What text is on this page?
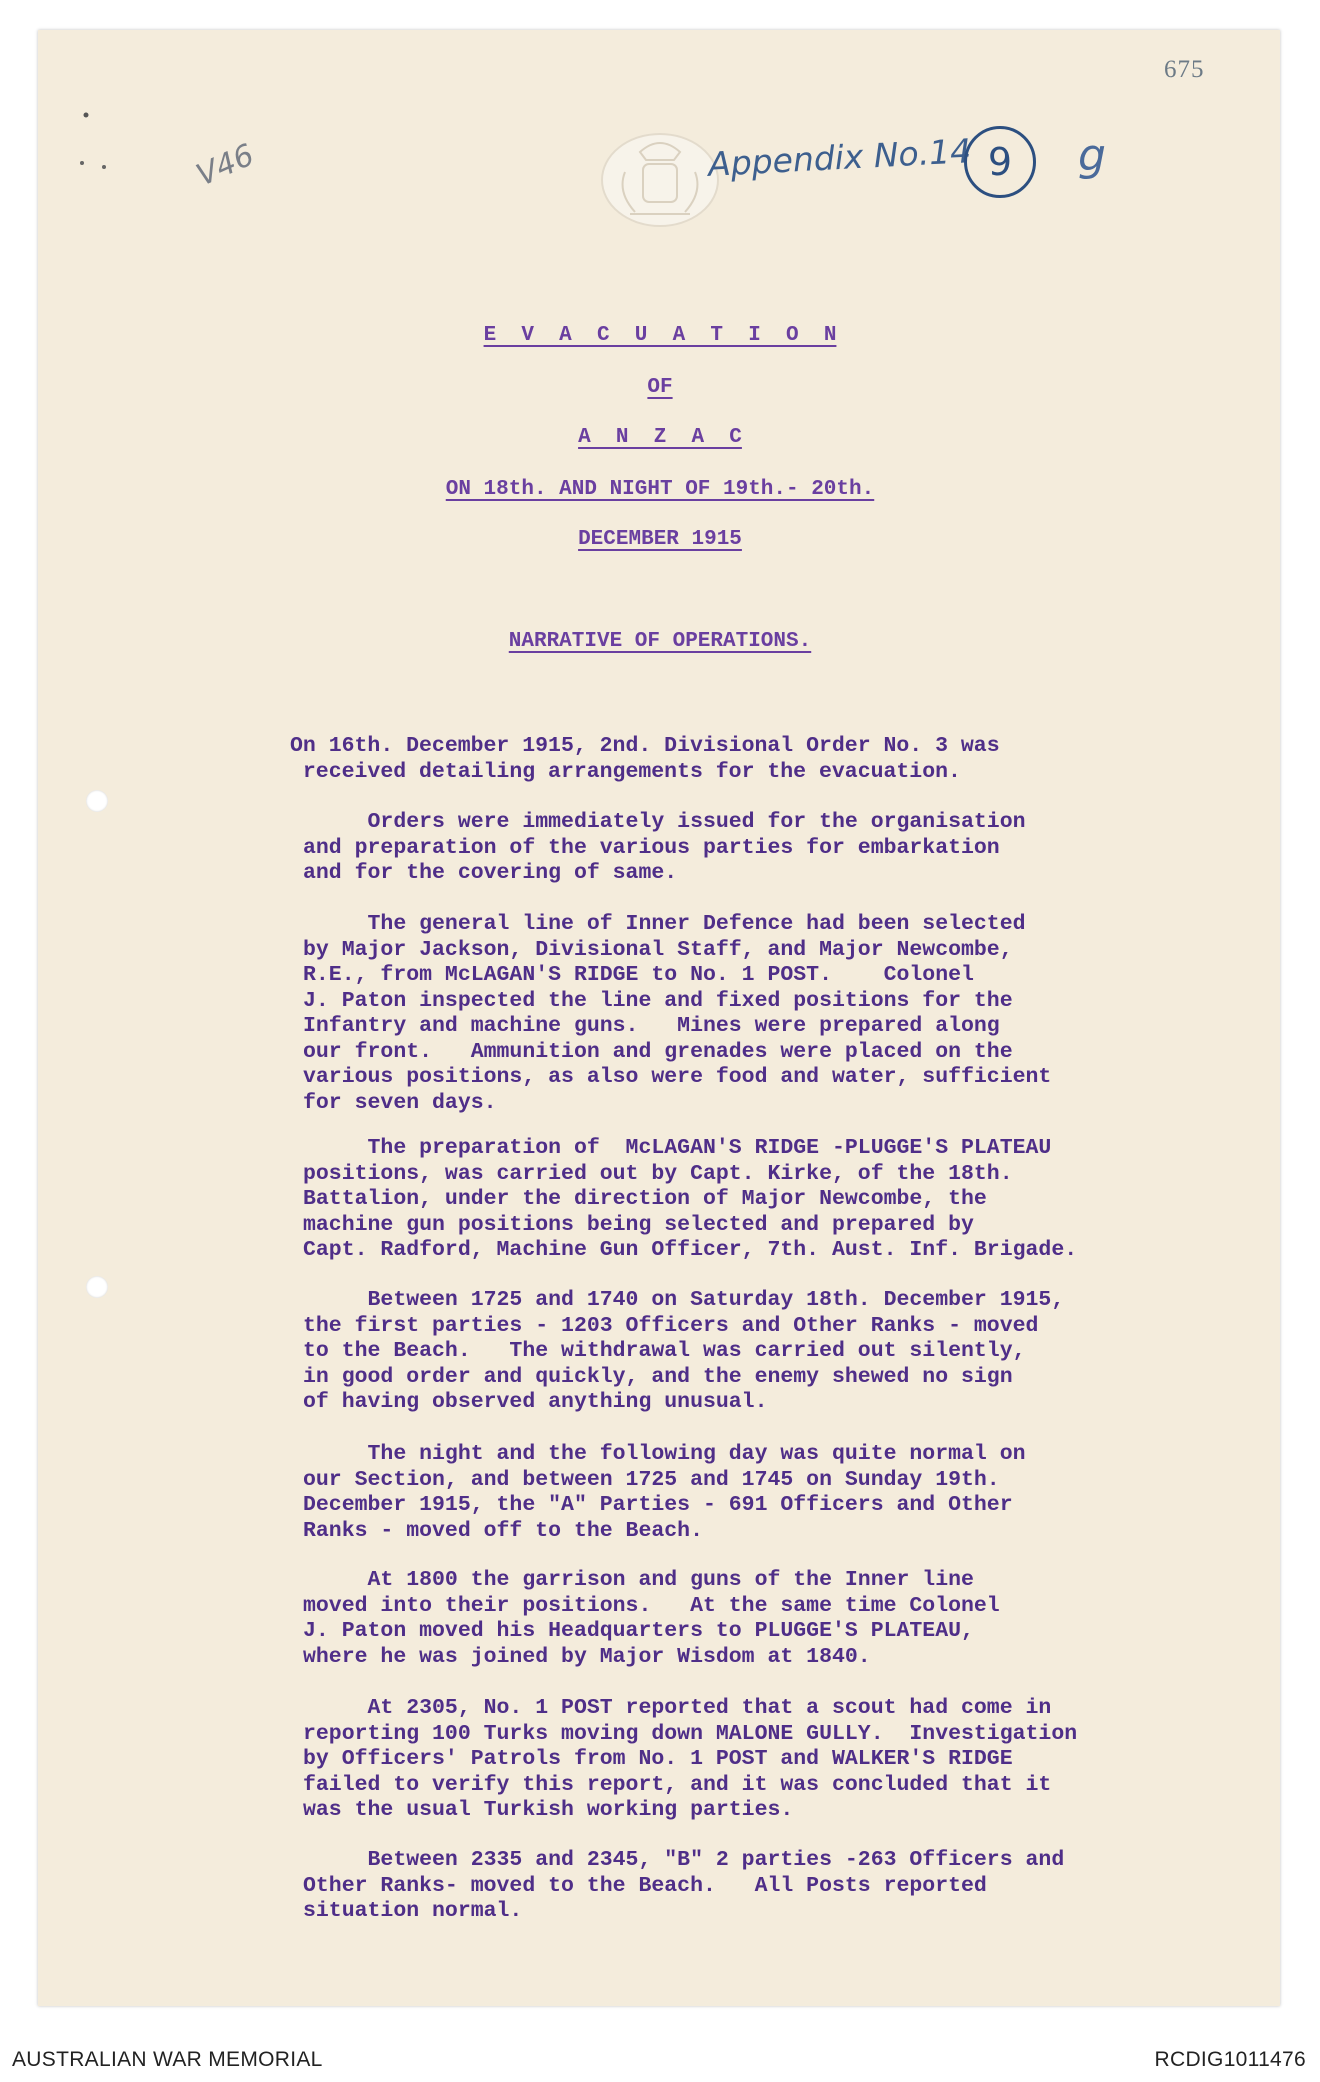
675
V46	Appendix No.14 9	g
E  V  A  C  U  A  T  I  O  N
OF
A  N  Z  A  C
ON 18th. AND NIGHT OF 19th.- 20th.
DECEMBER 1915
NARRATIVE OF OPERATIONS.

On 16th. December 1915, 2nd. Divisional Order No. 3 was
received detailing arrangements for the evacuation.

Orders were immediately issued for the organisation
and preparation of the various parties for embarkation
and for the covering of same.

The general line of Inner Defence had been selected
by Major Jackson, Divisional Staff, and Major Newcombe,
R.E., from McLAGAN'S RIDGE to No. 1 POST.    Colonel
J. Paton inspected the line and fixed positions for the
Infantry and machine guns.   Mines were prepared along
our front.   Ammunition and grenades were placed on the
various positions, as also were food and water, sufficient
for seven days.

The preparation of  McLAGAN'S RIDGE -PLUGGE'S PLATEAU
positions, was carried out by Capt. Kirke, of the 18th.
Battalion, under the direction of Major Newcombe, the
machine gun positions being selected and prepared by
Capt. Radford, Machine Gun Officer, 7th. Aust. Inf. Brigade.

Between 1725 and 1740 on Saturday 18th. December 1915,
the first parties - 1203 Officers and Other Ranks - moved
to the Beach.   The withdrawal was carried out silently,
in good order and quickly, and the enemy shewed no sign
of having observed anything unusual.

The night and the following day was quite normal on
our Section, and between 1725 and 1745 on Sunday 19th.
December 1915, the "A" Parties - 691 Officers and Other
Ranks - moved off to the Beach.

At 1800 the garrison and guns of the Inner line
moved into their positions.   At the same time Colonel
J. Paton moved his Headquarters to PLUGGE'S PLATEAU,
where he was joined by Major Wisdom at 1840.

At 2305, No. 1 POST reported that a scout had come in
reporting 100 Turks moving down MALONE GULLY.  Investigation
by Officers' Patrols from No. 1 POST and WALKER'S RIDGE
failed to verify this report, and it was concluded that it
was the usual Turkish working parties.

Between 2335 and 2345, "B" 2 parties -263 Officers and
Other Ranks- moved to the Beach.   All Posts reported
situation normal.

AUSTRALIAN WAR MEMORIAL	RCDIG1011476
